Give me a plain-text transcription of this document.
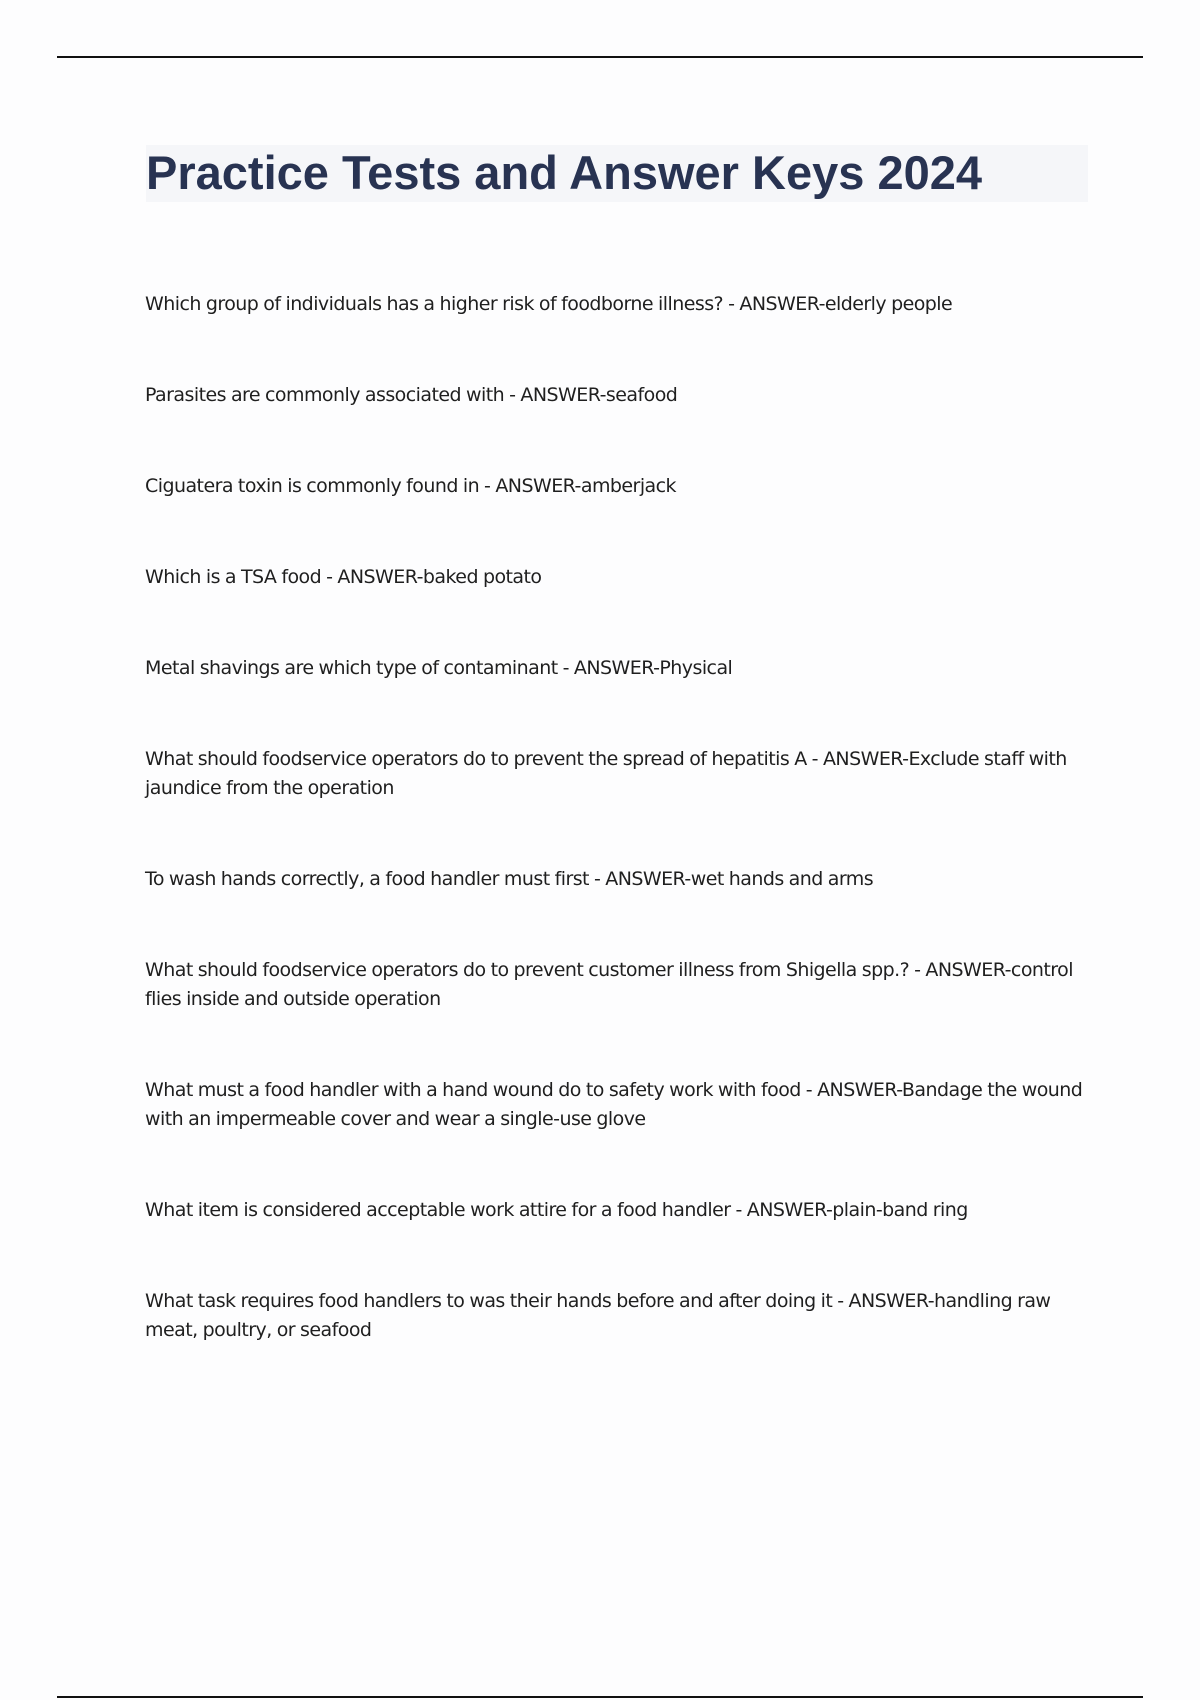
Practice Tests and Answer Keys 2024
Which group of individuals has a higher risk of foodborne illness? - ANSWER-elderly people
Parasites are commonly associated with - ANSWER-seafood
Ciguatera toxin is commonly found in - ANSWER-amberjack
Which is a TSA food - ANSWER-baked potato
Metal shavings are which type of contaminant - ANSWER-Physical
What should foodservice operators do to prevent the spread of hepatitis A - ANSWER-Exclude staff with jaundice from the operation
To wash hands correctly, a food handler must first - ANSWER-wet hands and arms
What should foodservice operators do to prevent customer illness from Shigella spp.? - ANSWER-control flies inside and outside operation
What must a food handler with a hand wound do to safety work with food - ANSWER-Bandage the wound with an impermeable cover and wear a single-use glove
What item is considered acceptable work attire for a food handler - ANSWER-plain-band ring
What task requires food handlers to was their hands before and after doing it - ANSWER-handling raw meat, poultry, or seafood
